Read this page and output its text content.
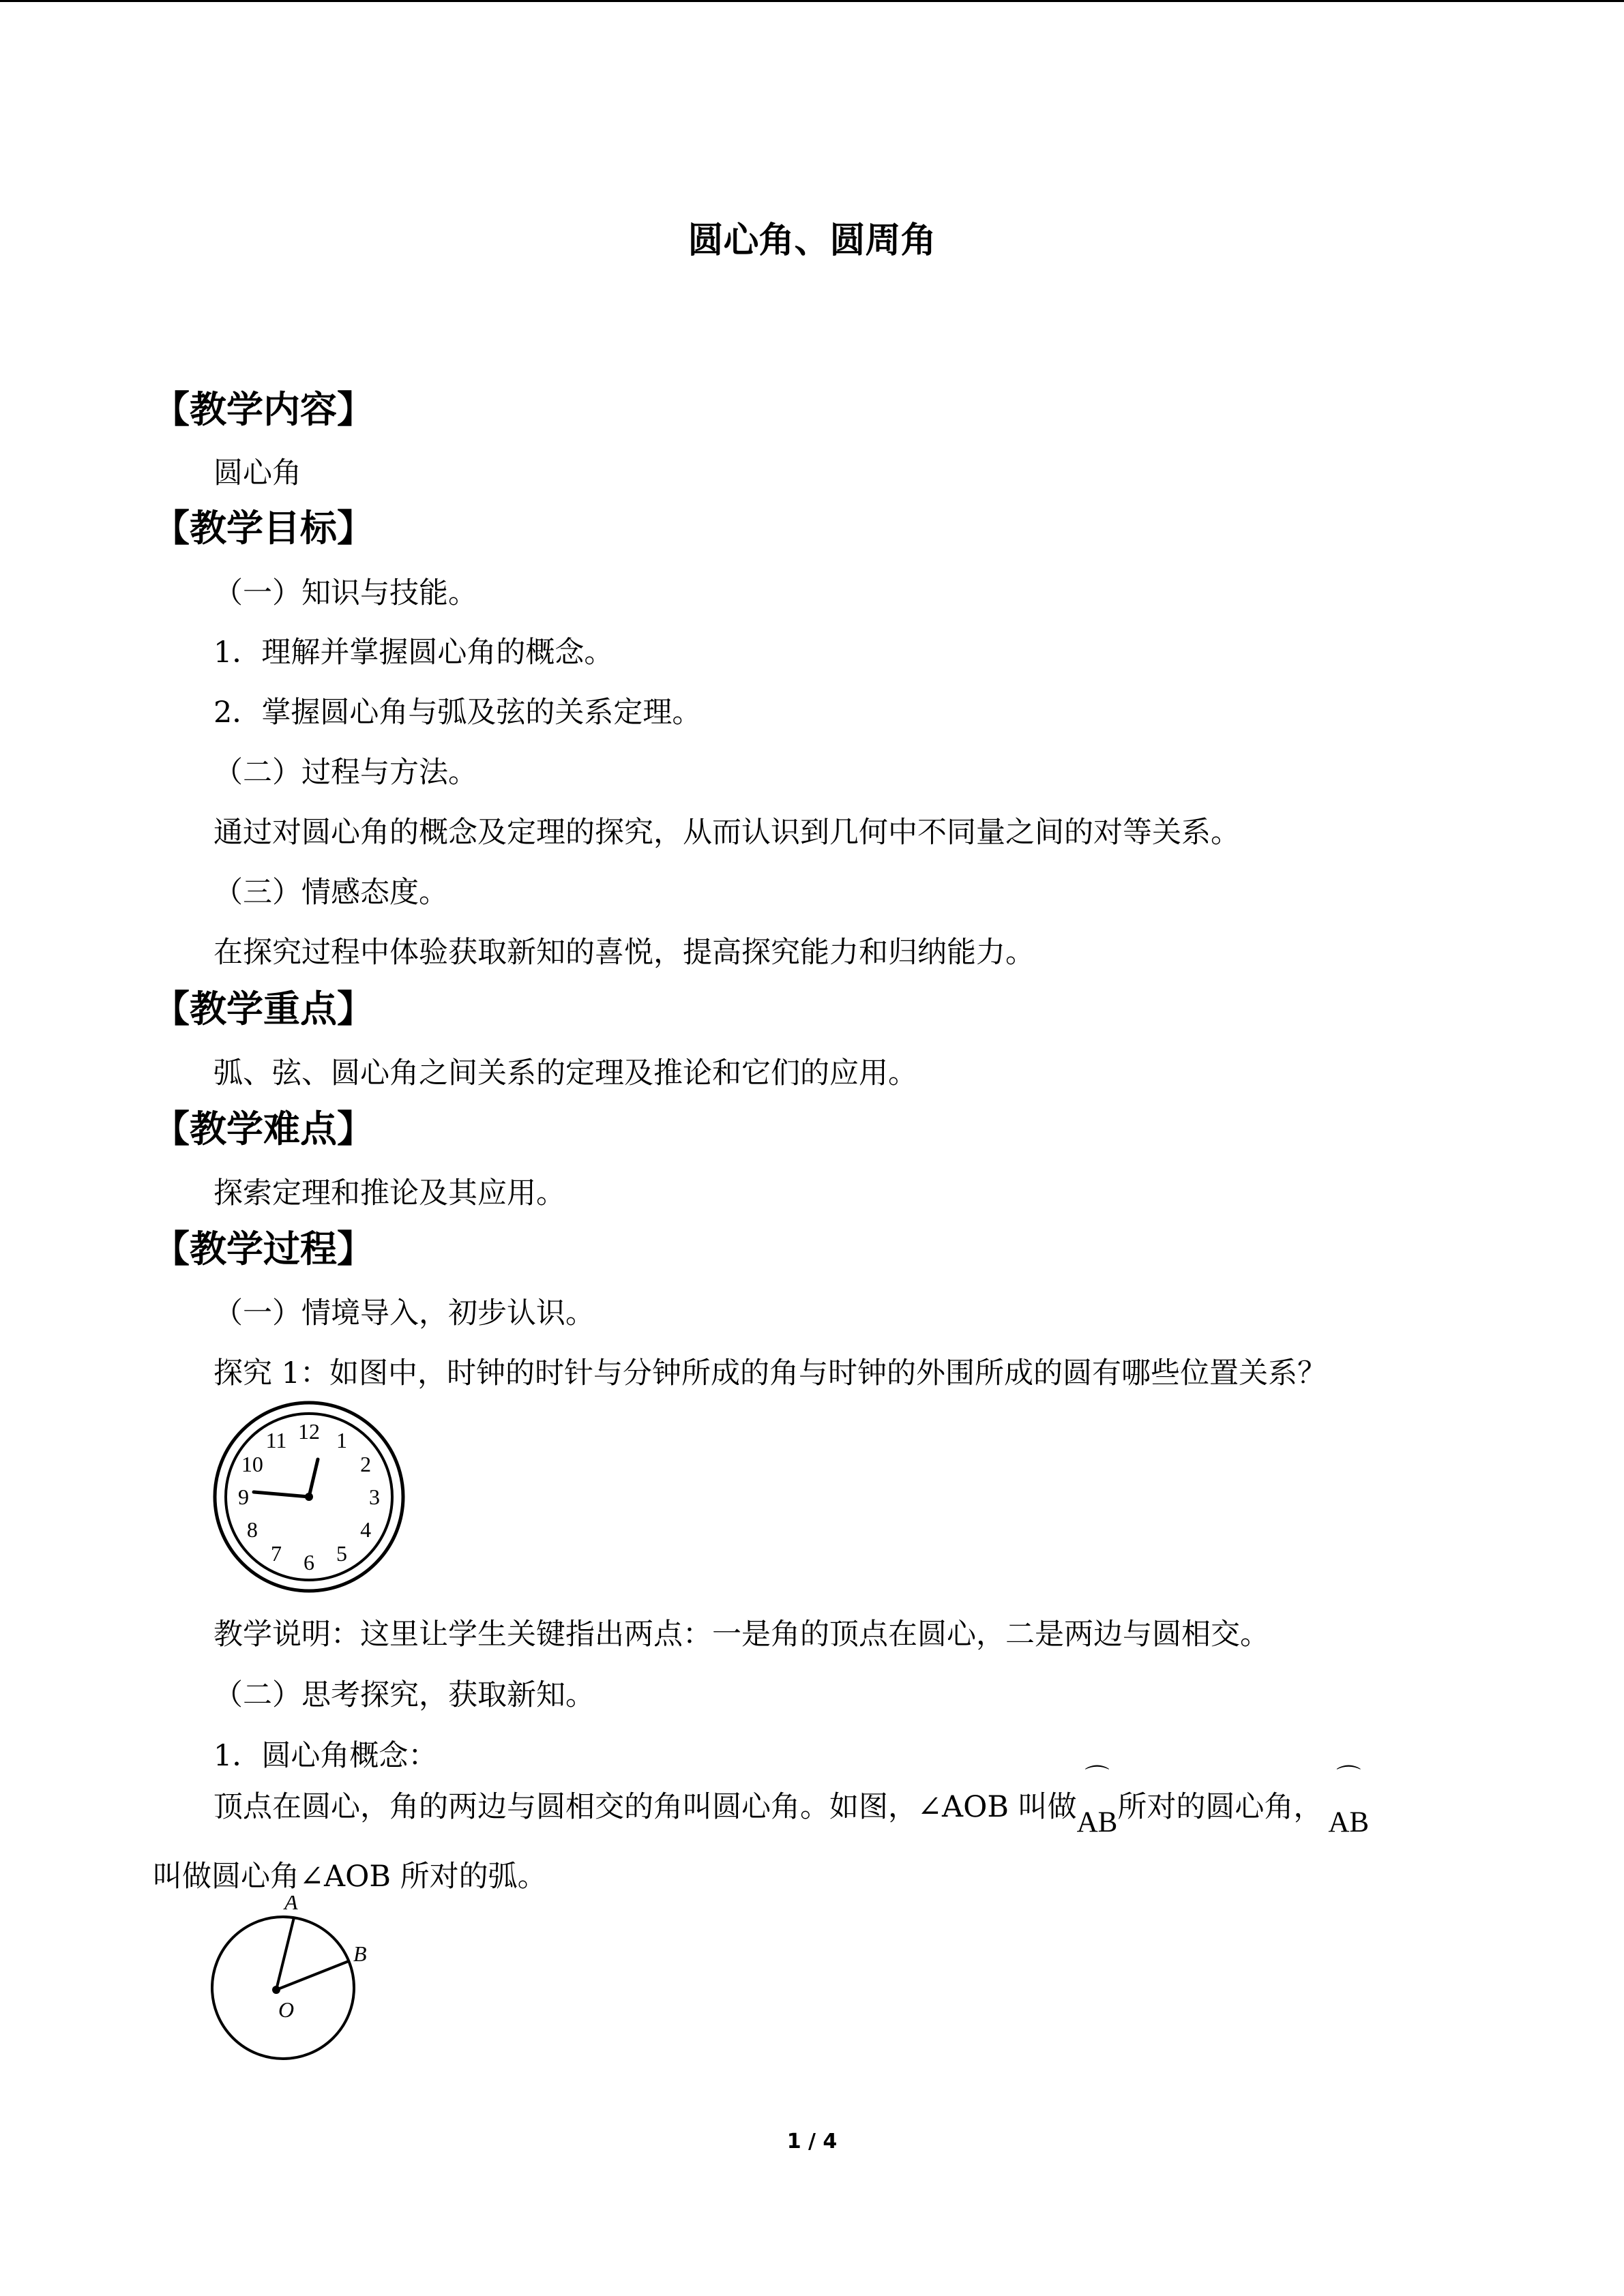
圆心角、圆周角
【教学内容】
圆心角
【教学目标】
（一）知识与技能。
1．理解并掌握圆心角的概念。
2．掌握圆心角与弧及弦的关系定理。
（二）过程与方法。
通过对圆心角的概念及定理的探究，从而认识到几何中不同量之间的对等关系。
（三）情感态度。
在探究过程中体验获取新知的喜悦，提高探究能力和归纳能力。
【教学重点】
弧、弦、圆心角之间关系的定理及推论和它们的应用。
【教学难点】
探索定理和推论及其应用。
【教学过程】
（一）情境导入，初步认识。
探究 1：如图中，时钟的时针与分钟所成的角与时钟的外围所成的圆有哪些位置关系？
12 1
2
3
4
5
6
7
8
9
10
11
教学说明：这里让学生关键指出两点：一是角的顶点在圆心，二是两边与圆相交。
（二）思考探究，获取新知。
1．圆心角概念：
顶点在圆心，角的两边与圆相交的角叫圆心角。如图，∠AOB 叫做
⌒
AB所对的圆心角，
⌒
AB
叫做圆心角∠AOB 所对的弧。
A
B
O
1 / 4
